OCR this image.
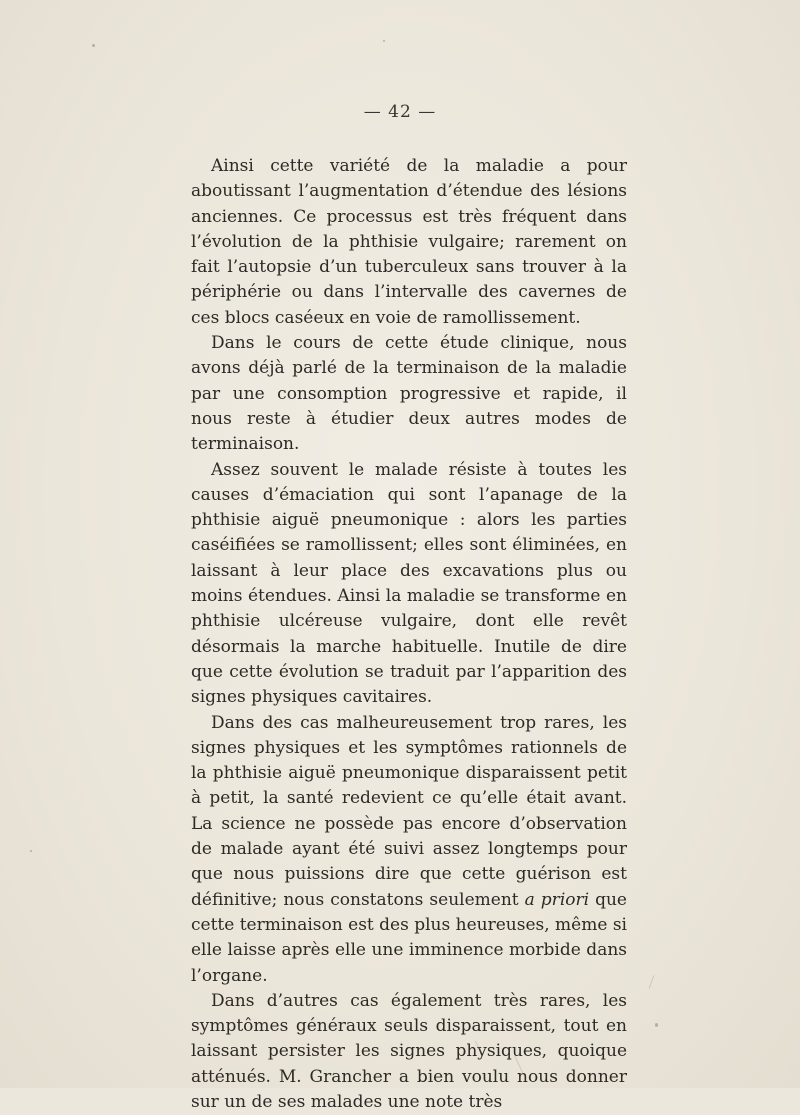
— 42 —

Ainsi cette variété de la maladie a pour aboutissant l’augmentation d’étendue des lésions anciennes. Ce processus est très fréquent dans l’évolution de la phthisie vulgaire; rarement on fait l’autopsie d’un tuberculeux sans trouver à la périphérie ou dans l’intervalle des cavernes de ces blocs caséeux en voie de ramollissement.

Dans le cours de cette étude clinique, nous avons déjà parlé de la terminaison de la maladie par une consomption progressive et rapide, il nous reste à étudier deux autres modes de terminaison.

Assez souvent le malade résiste à toutes les causes d’émaciation qui sont l’apanage de la phthisie aiguë pneumonique : alors les parties caséifiées se ramollissent; elles sont éliminées, en laissant à leur place des excavations plus ou moins étendues. Ainsi la maladie se transforme en phthisie ulcéreuse vulgaire, dont elle revêt désormais la marche habituelle. Inutile de dire que cette évolution se traduit par l’apparition des signes physiques cavitaires.

Dans des cas malheureusement trop rares, les signes physiques et les symptômes rationnels de la phthisie aiguë pneumonique disparaissent petit à petit, la santé redevient ce qu’elle était avant. La science ne possède pas encore d’observation de malade ayant été suivi assez longtemps pour que nous puissions dire que cette guérison est définitive; nous constatons seulement a priori que cette terminaison est des plus heureuses, même si elle laisse après elle une imminence morbide dans l’organe.

Dans d’autres cas également très rares, les symptômes généraux seuls disparaissent, tout en laissant persister les signes physiques, quoique atténués. M. Grancher a bien voulu nous donner sur un de ses malades une note très
